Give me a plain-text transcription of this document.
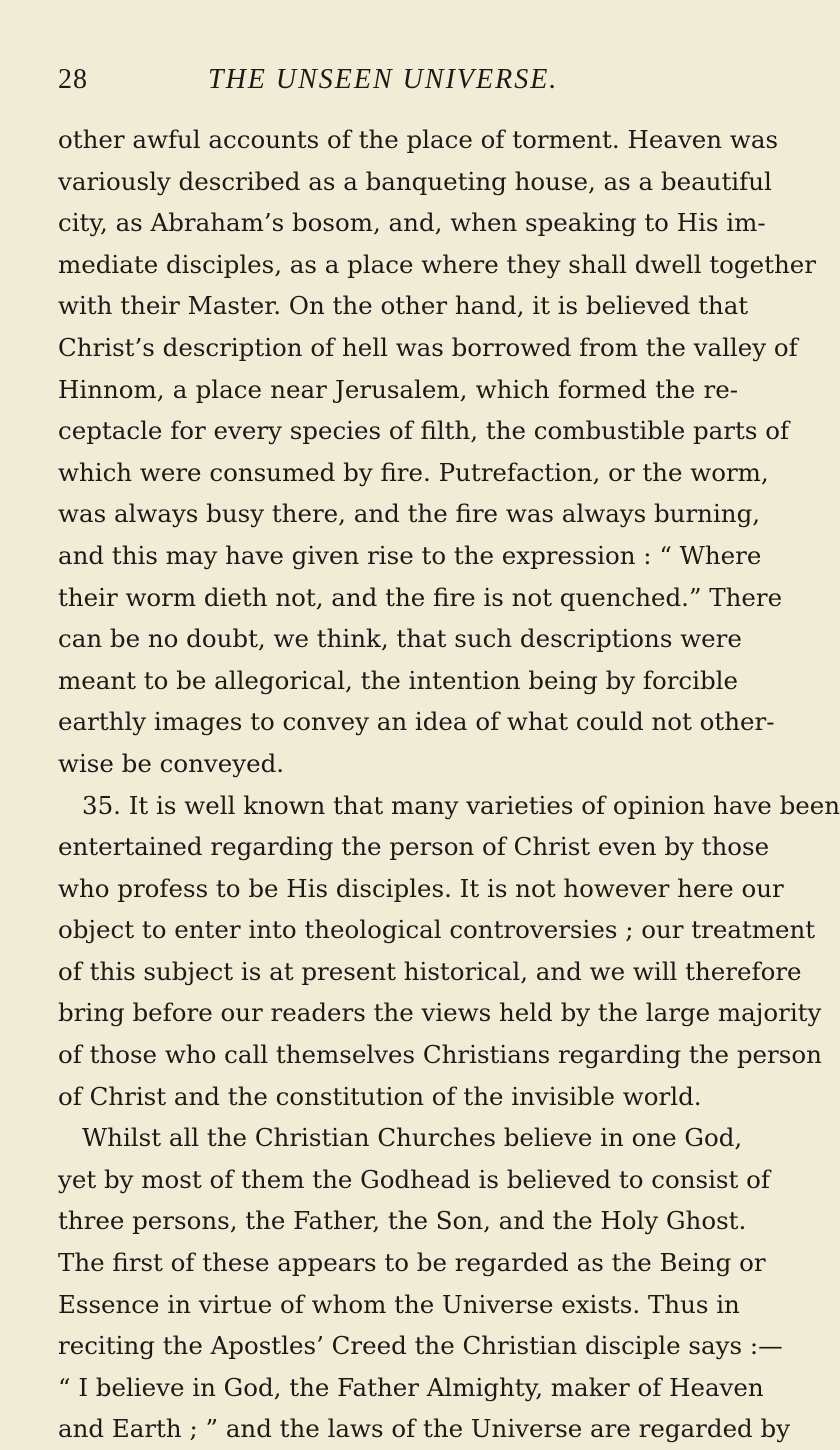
28	THE UNSEEN UNIVERSE.
other awful accounts of the place of torment. Heaven was
variously described as a banqueting house, as a beautiful
city, as Abraham’s bosom, and, when speaking to His im-
mediate disciples, as a place where they shall dwell together
with their Master. On the other hand, it is believed that
Christ’s description of hell was borrowed from the valley of
Hinnom, a place near Jerusalem, which formed the re-
ceptacle for every species of filth, the combustible parts of
which were consumed by fire. Putrefaction, or the worm,
was always busy there, and the fire was always burning,
and this may have given rise to the expression : “ Where
their worm dieth not, and the fire is not quenched.” There
can be no doubt, we think, that such descriptions were
meant to be allegorical, the intention being by forcible
earthly images to convey an idea of what could not other-
wise be conveyed.
35. It is well known that many varieties of opinion have been
entertained regarding the person of Christ even by those
who profess to be His disciples. It is not however here our
object to enter into theological controversies ; our treatment
of this subject is at present historical, and we will therefore
bring before our readers the views held by the large majority
of those who call themselves Christians regarding the person
of Christ and the constitution of the invisible world.
Whilst all the Christian Churches believe in one God,
yet by most of them the Godhead is believed to consist of
three persons, the Father, the Son, and the Holy Ghost.
The first of these appears to be regarded as the Being or
Essence in virtue of whom the Universe exists. Thus in
reciting the Apostles’ Creed the Christian disciple says :—
“ I believe in God, the Father Almighty, maker of Heaven
and Earth ; ” and the laws of the Universe are regarded by
